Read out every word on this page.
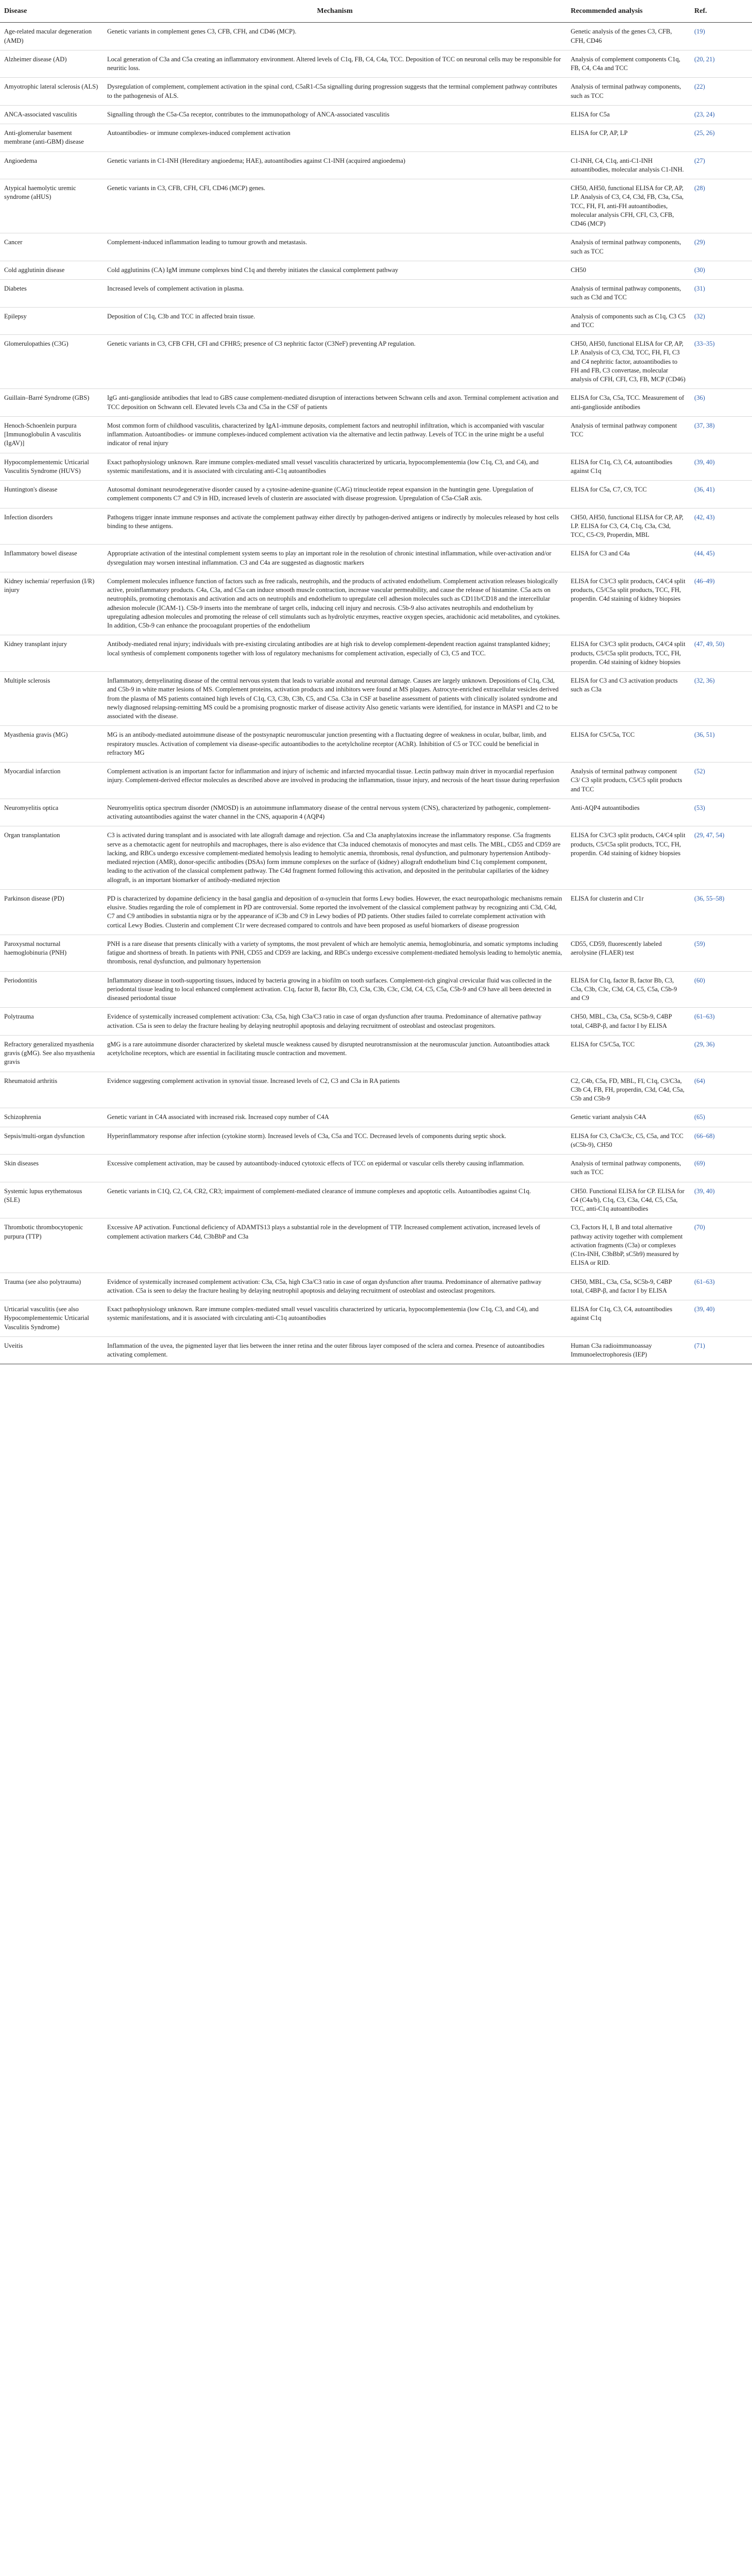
Disease	Mechanism	Recommended analysis	Ref.
Age-related macular degeneration (AMD)	Genetic variants in complement genes C3, CFB, CFH, and CD46 (MCP).	Genetic analysis of the genes C3, CFB, CFH, CD46	(19)
Alzheimer disease (AD)	Local generation of C3a and C5a creating an inflammatory environment. Altered levels of C1q, FB, C4, C4a, TCC. Deposition of TCC on neuronal cells may be responsible for neuritic loss.	Analysis of complement components C1q, FB, C4, C4a and TCC	(20, 21)
Amyotrophic lateral sclerosis (ALS)	Dysregulation of complement, complement activation in the spinal cord, C5aR1-C5a signalling during progression suggests that the terminal complement pathway contributes to the pathogenesis of ALS.	Analysis of terminal pathway components, such as TCC	(22)
ANCA-associated vasculitis	Signalling through the C5a-C5a receptor, contributes to the immunopathology of ANCA-associated vasculitis	ELISA for C5a	(23, 24)
Anti-glomerular basement membrane (anti-GBM) disease	Autoantibodies- or immune complexes-induced complement activation	ELISA for CP, AP, LP	(25, 26)
Angioedema	Genetic variants in C1-INH (Hereditary angioedema; HAE), autoantibodies against C1-INH (acquired angioedema)	C1-INH, C4, C1q, anti-C1-INH autoantibodies, molecular analysis C1-INH.	(27)
Atypical haemolytic uremic syndrome (aHUS)	Genetic variants in C3, CFB, CFH, CFI, CD46 (MCP) genes.	CH50, AH50, functional ELISA for CP, AP, LP. Analysis of C3, C4, C3d, FB, C3a, C5a, TCC, FH, FI, anti-FH autoantibodies, molecular analysis CFH, CFI, C3, CFB, CD46 (MCP)	(28)
Cancer	Complement-induced inflammation leading to tumour growth and metastasis.	Analysis of terminal pathway components, such as TCC	(29)
Cold agglutinin disease	Cold agglutinins (CA) IgM immune complexes bind C1q and thereby initiates the classical complement pathway	CH50	(30)
Diabetes	Increased levels of complement activation in plasma.	Analysis of terminal pathway components, such as C3d and TCC	(31)
Epilepsy	Deposition of C1q, C3b and TCC in affected brain tissue.	Analysis of components such as C1q, C3 C5 and TCC	(32)
Glomerulopathies (C3G)	Genetic variants in C3, CFB CFH, CFI and CFHR5; presence of C3 nephritic factor (C3NeF) preventing AP regulation.	CH50, AH50, functional ELISA for CP, AP, LP. Analysis of C3, C3d, TCC, FH, FI, C3 and C4 nephritic factor, autoantibodies to FH and FB, C3 convertase, molecular analysis of CFH, CFI, C3, FB, MCP (CD46)	(33–35)
Guillain–Barré Syndrome (GBS)	IgG anti-ganglioside antibodies that lead to GBS cause complement-mediated disruption of interactions between Schwann cells and axon. Terminal complement activation and TCC deposition on Schwann cell. Elevated levels C3a and C5a in the CSF of patients	ELISA for C3a, C5a, TCC. Measurement of anti-ganglioside antibodies	(36)
Henoch-Schoenlein purpura [Immunoglobulin A vasculitis (IgAV)]	Most common form of childhood vasculitis, characterized by IgA1-immune deposits, complement factors and neutrophil infiltration, which is accompanied with vascular inflammation. Autoantibodies- or immune complexes-induced complement activation via the alternative and lectin pathway. Levels of TCC in the urine might be a useful indicator of renal injury	Analysis of terminal pathway component TCC	(37, 38)
Hypocomplementemic Urticarial Vasculitis Syndrome (HUVS)	Exact pathophysiology unknown. Rare immune complex-mediated small vessel vasculitis characterized by urticaria, hypocomplementemia (low C1q, C3, and C4), and systemic manifestations, and it is associated with circulating anti-C1q autoantibodies	ELISA for C1q, C3, C4, autoantibodies against C1q	(39, 40)
Huntington's disease	Autosomal dominant neurodegenerative disorder caused by a cytosine-adenine-guanine (CAG) trinucleotide repeat expansion in the huntingtin gene. Upregulation of complement components C7 and C9 in HD, increased levels of clusterin are associated with disease progression. Upregulation of C5a-C5aR axis.	ELISA for C5a, C7, C9, TCC	(36, 41)
Infection disorders	Pathogens trigger innate immune responses and activate the complement pathway either directly by pathogen-derived antigens or indirectly by molecules released by host cells binding to these antigens.	CH50, AH50, functional ELISA for CP, AP, LP. ELISA for C3, C4, C1q, C3a, C3d, TCC, C5-C9, Properdin, MBL	(42, 43)
Inflammatory bowel disease	Appropriate activation of the intestinal complement system seems to play an important role in the resolution of chronic intestinal inflammation, while over-activation and/or dysregulation may worsen intestinal inflammation. C3 and C4a are suggested as diagnostic markers	ELISA for C3 and C4a	(44, 45)
Kidney ischemia/ reperfusion (I/R) injury	Complement molecules influence function of factors such as free radicals, neutrophils, and the products of activated endothelium. Complement activation releases biologically active, proinflammatory products. C4a, C3a, and C5a can induce smooth muscle contraction, increase vascular permeability, and cause the release of histamine. C5a acts on neutrophils, promoting chemotaxis and activation and acts on neutrophils and endothelium to upregulate cell adhesion molecules such as CD11b/CD18 and the intercellular adhesion molecule (ICAM-1). C5b-9 inserts into the membrane of target cells, inducing cell injury and necrosis. C5b-9 also activates neutrophils and endothelium by upregulating adhesion molecules and promoting the release of cell stimulants such as hydrolytic enzymes, reactive oxygen species, arachidonic acid metabolites, and cytokines. In addition, C5b-9 can enhance the procoagulant properties of the endothelium	ELISA for C3/C3 split products, C4/C4 split products, C5/C5a split products, TCC, FH, properdin. C4d staining of kidney biopsies	(46–49)
Kidney transplant injury	Antibody-mediated renal injury; individuals with pre-existing circulating antibodies are at high risk to develop complement-dependent reaction against transplanted kidney; local synthesis of complement components together with loss of regulatory mechanisms for complement activation, especially of C3, C5 and TCC.	ELISA for C3/C3 split products, C4/C4 split products, C5/C5a split products, TCC, FH, properdin. C4d staining of kidney biopsies	(47, 49, 50)
Multiple sclerosis	Inflammatory, demyelinating disease of the central nervous system that leads to variable axonal and neuronal damage. Causes are largely unknown. Depositions of C1q, C3d, and C5b-9 in white matter lesions of MS. Complement proteins, activation products and inhibitors were found at MS plaques. Astrocyte-enriched extracellular vesicles derived from the plasma of MS patients contained high levels of C1q, C3, C3b, C3b, C5, and C5a. C3a in CSF at baseline assessment of patients with clinically isolated syndrome and newly diagnosed relapsing-remitting MS could be a promising prognostic marker of disease activity Also genetic variants were identified, for instance in MASP1 and C2 to be associated with the disease.	ELISA for C3 and C3 activation products such as C3a	(32, 36)
Myasthenia gravis (MG)	MG is an antibody-mediated autoimmune disease of the postsynaptic neuromuscular junction presenting with a fluctuating degree of weakness in ocular, bulbar, limb, and respiratory muscles. Activation of complement via disease-specific autoantibodies to the acetylcholine receptor (AChR). Inhibition of C5 or TCC could be beneficial in refractory MG	ELISA for C5/C5a, TCC	(36, 51)
Myocardial infarction	Complement activation is an important factor for inflammation and injury of ischemic and infarcted myocardial tissue. Lectin pathway main driver in myocardial reperfusion injury. Complement-derived effector molecules as described above are involved in producing the inflammation, tissue injury, and necrosis of the heart tissue during reperfusion	Analysis of terminal pathway component C3/ C3 split products, C5/C5 split products and TCC	(52)
Neuromyelitis optica	Neuromyelitis optica spectrum disorder (NMOSD) is an autoimmune inflammatory disease of the central nervous system (CNS), characterized by pathogenic, complement-activating autoantibodies against the water channel in the CNS, aquaporin 4 (AQP4)	Anti-AQP4 autoantibodies	(53)
Organ transplantation	C3 is activated during transplant and is associated with late allograft damage and rejection. C5a and C3a anaphylatoxins increase the inflammatory response. C5a fragments serve as a chemotactic agent for neutrophils and macrophages, there is also evidence that C3a induced chemotaxis of monocytes and mast cells. The MBL, CD55 and CD59 are lacking, and RBCs undergo excessive complement-mediated hemolysis leading to hemolytic anemia, thrombosis, renal dysfunction, and pulmonary hypertension Antibody-mediated rejection (AMR), donor-specific antibodies (DSAs) form immune complexes on the surface of (kidney) allograft endothelium bind C1q complement component, leading to the activation of the classical complement pathway. The C4d fragment formed following this activation, and deposited in the peritubular capillaries of the kidney allograft, is an important biomarker of antibody-mediated rejection	ELISA for C3/C3 split products, C4/C4 split products, C5/C5a split products, TCC, FH, properdin. C4d staining of kidney biopsies	(29, 47, 54)
Parkinson disease (PD)	PD is characterized by dopamine deficiency in the basal ganglia and deposition of α-synuclein that forms Lewy bodies. However, the exact neuropathologic mechanisms remain elusive. Studies regarding the role of complement in PD are controversial. Some reported the involvement of the classical complement pathway by recognizing anti C3d, C4d, C7 and C9 antibodies in substantia nigra or by the appearance of iC3b and C9 in Lewy bodies of PD patients. Other studies failed to correlate complement activation with cortical Lewy Bodies. Clusterin and complement C1r were decreased compared to controls and have been proposed as useful biomarkers of disease progression	ELISA for clusterin and C1r	(36, 55–58)
Paroxysmal nocturnal haemoglobinuria (PNH)	PNH is a rare disease that presents clinically with a variety of symptoms, the most prevalent of which are hemolytic anemia, hemoglobinuria, and somatic symptoms including fatigue and shortness of breath. In patients with PNH, CD55 and CD59 are lacking, and RBCs undergo excessive complement-mediated hemolysis leading to hemolytic anemia, thrombosis, renal dysfunction, and pulmonary hypertension	CD55, CD59, fluorescently labeled aerolysine (FLAER) test	(59)
Periodontitis	Inflammatory disease in tooth-supporting tissues, induced by bacteria growing in a biofilm on tooth surfaces. Complement-rich gingival crevicular fluid was collected in the periodontal tissue leading to local enhanced complement activation. C1q, factor B, factor Bb, C3, C3a, C3b, C3c, C3d, C4, C5, C5a, C5b-9 and C9 have all been detected in diseased periodontal tissue	ELISA for C1q, factor B, factor Bb, C3, C3a, C3b, C3c, C3d, C4, C5, C5a, C5b-9 and C9	(60)
Polytrauma	Evidence of systemically increased complement activation: C3a, C5a, high C3a/C3 ratio in case of organ dysfunction after trauma. Predominance of alternative pathway activation. C5a is seen to delay the fracture healing by delaying neutrophil apoptosis and delaying recruitment of osteoblast and osteoclast progenitors.	CH50, MBL, C3a, C5a, SC5b-9, C4BP total, C4BP-β, and factor I by ELISA	(61–63)
Refractory generalized myasthenia gravis (gMG). See also myasthenia gravis	gMG is a rare autoimmune disorder characterized by skeletal muscle weakness caused by disrupted neurotransmission at the neuromuscular junction. Autoantibodies attack acetylcholine receptors, which are essential in facilitating muscle contraction and movement.	ELISA for C5/C5a, TCC	(29, 36)
Rheumatoid arthritis	Evidence suggesting complement activation in synovial tissue. Increased levels of C2, C3 and C3a in RA patients	C2, C4b, C5a, FD, MBL, FI, C1q, C3/C3a, C3b C4, FB, FH, properdin, C3d, C4d, C5a, C5b and C5b-9	(64)
Schizophrenia	Genetic variant in C4A associated with increased risk. Increased copy number of C4A	Genetic variant analysis C4A	(65)
Sepsis/multi-organ dysfunction	Hyperinflammatory response after infection (cytokine storm). Increased levels of C3a, C5a and TCC. Decreased levels of components during septic shock.	ELISA for C3, C3a/C3c, C5, C5a, and TCC (sC5b-9), CH50	(66–68)
Skin diseases	Excessive complement activation, may be caused by autoantibody-induced cytotoxic effects of TCC on epidermal or vascular cells thereby causing inflammation.	Analysis of terminal pathway components, such as TCC	(69)
Systemic lupus erythematosus (SLE)	Genetic variants in C1Q, C2, C4, CR2, CR3; impairment of complement-mediated clearance of immune complexes and apoptotic cells. Autoantibodies against C1q.	CH50. Functional ELISA for CP. ELISA for C4 (C4a/b), C1q, C3, C3a, C4d, C5, C5a, TCC, anti-C1q autoantibodies	(39, 40)
Thrombotic thrombocytopenic purpura (TTP)	Excessive AP activation. Functional deficiency of ADAMTS13 plays a substantial role in the development of TTP. Increased complement activation, increased levels of complement activation markers C4d, C3bBbP and C3a	C3, Factors H, I, B and total alternative pathway activity together with complement activation fragments (C3a) or complexes (C1rs-INH, C3bBbP, sC5b9) measured by ELISA or RID.	(70)
Trauma (see also polytrauma)	Evidence of systemically increased complement activation: C3a, C5a, high C3a/C3 ratio in case of organ dysfunction after trauma. Predominance of alternative pathway activation. C5a is seen to delay the fracture healing by delaying neutrophil apoptosis and delaying recruitment of osteoblast and osteoclast progenitors.	CH50, MBL, C3a, C5a, SC5b-9, C4BP total, C4BP-β, and factor I by ELISA	(61–63)
Urticarial vasculitis (see also Hypocomplementemic Urticarial Vasculitis Syndrome)	Exact pathophysiology unknown. Rare immune complex-mediated small vessel vasculitis characterized by urticaria, hypocomplementemia (low C1q, C3, and C4), and systemic manifestations, and it is associated with circulating anti-C1q autoantibodies	ELISA for C1q, C3, C4, autoantibodies against C1q	(39, 40)
Uveitis	Inflammation of the uvea, the pigmented layer that lies between the inner retina and the outer fibrous layer composed of the sclera and cornea. Presence of autoantibodies activating complement.	Human C3a radioimmunoassay Immunoelectrophoresis (IEP)	(71)
